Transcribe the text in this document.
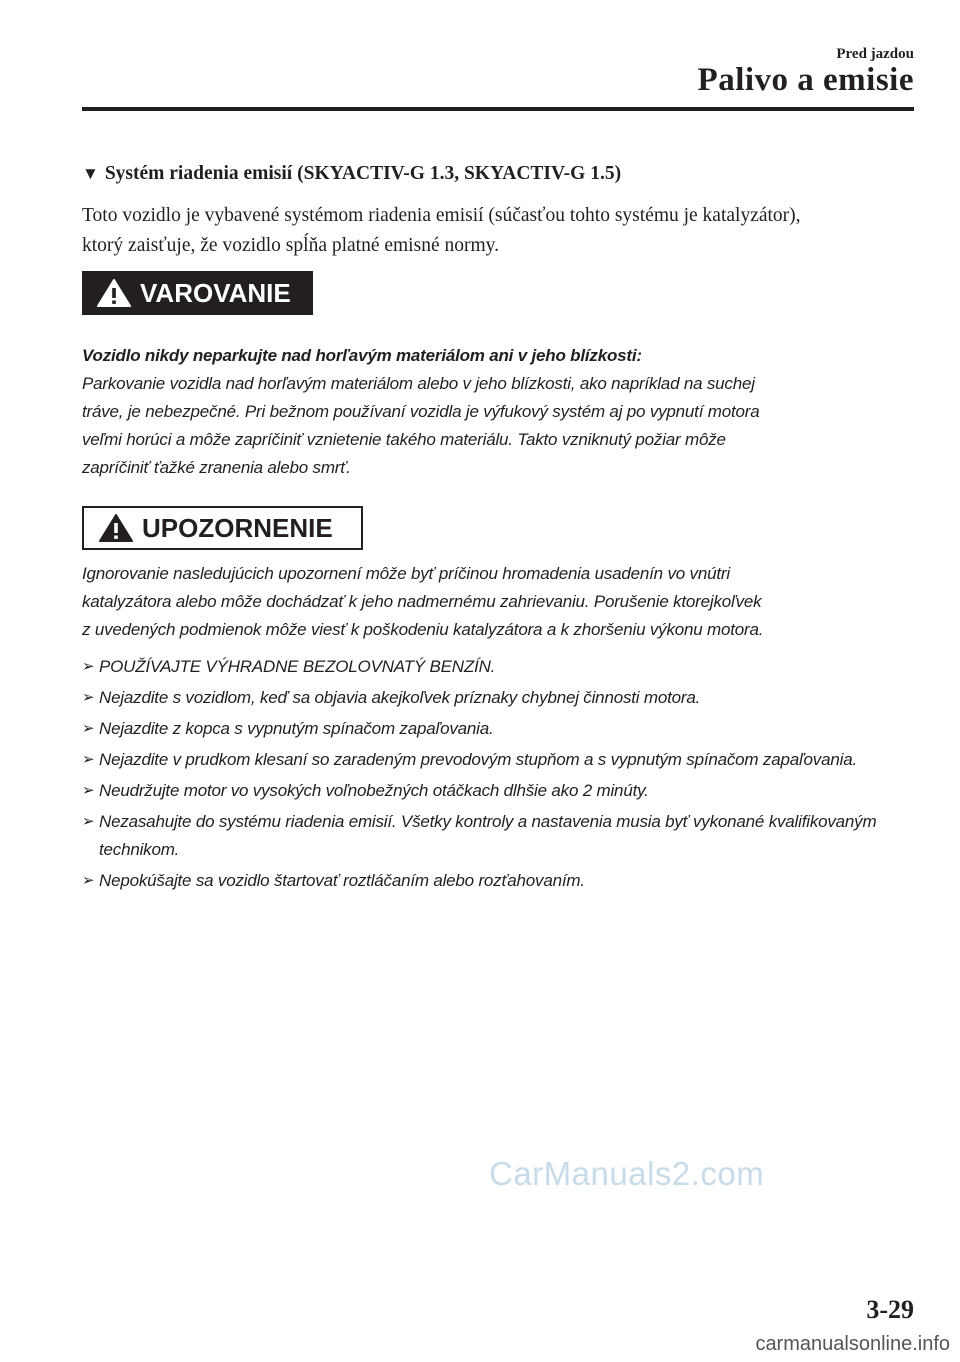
Pred jazdou
Palivo a emisie
▼ Systém riadenia emisií (SKYACTIV-G 1.3, SKYACTIV-G 1.5)
Toto vozidlo je vybavené systémom riadenia emisií (súčasťou tohto systému je katalyzátor),
ktorý zaisťuje, že vozidlo spĺňa platné emisné normy.
VAROVANIE
Vozidlo nikdy neparkujte nad horľavým materiálom ani v jeho blízkosti:
Parkovanie vozidla nad horľavým materiálom alebo v jeho blízkosti, ako napríklad na suchej
tráve, je nebezpečné. Pri bežnom používaní vozidla je výfukový systém aj po vypnutí motora
veľmi horúci a môže zapríčiniť vznietenie takého materiálu. Takto vzniknutý požiar môže
zapríčiniť ťažké zranenia alebo smrť.
UPOZORNENIE
Ignorovanie nasledujúcich upozornení môže byť príčinou hromadenia usadenín vo vnútri
katalyzátora alebo môže dochádzať k jeho nadmernému zahrievaniu. Porušenie ktorejkoľvek
z uvedených podmienok môže viesť k poškodeniu katalyzátora a k zhoršeniu výkonu motora.
➢ POUŽÍVAJTE VÝHRADNE BEZOLOVNATÝ BENZÍN.
➢ Nejazdite s vozidlom, keď sa objavia akejkoľvek príznaky chybnej činnosti motora.
➢ Nejazdite z kopca s vypnutým spínačom zapaľovania.
➢ Nejazdite v prudkom klesaní so zaradeným prevodovým stupňom a s vypnutým spínačom zapaľovania.
➢ Neudržujte motor vo vysokých voľnobežných otáčkach dlhšie ako 2 minúty.
➢ Nezasahujte do systému riadenia emisií. Všetky kontroly a nastavenia musia byť vykonané kvalifikovaným technikom.
➢ Nepokúšajte sa vozidlo štartovať roztláčaním alebo rozťahovaním.
CarManuals2.com
3-29
carmanualsonline.info
